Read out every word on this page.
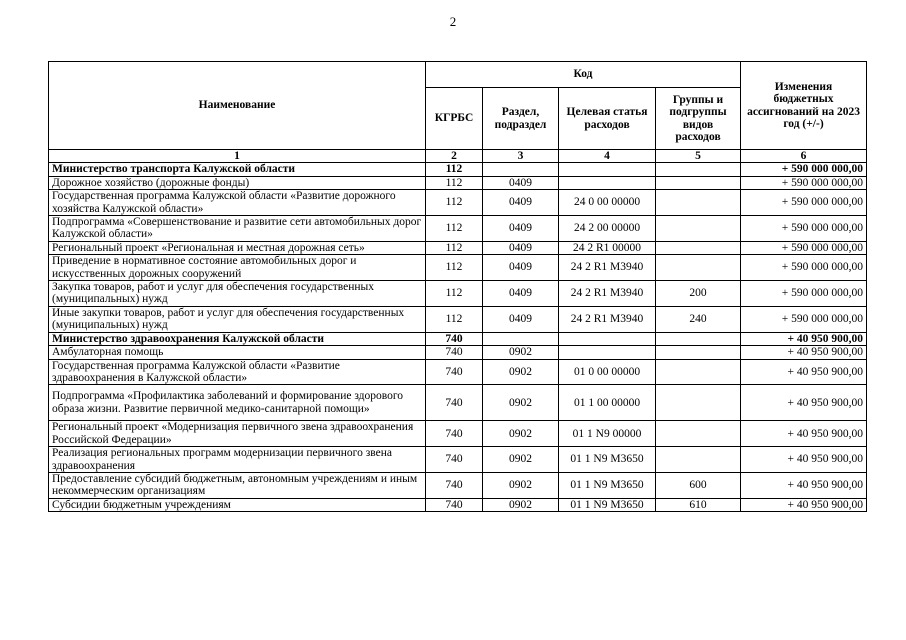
2
Наименование	Код				Изменения бюджетных ассигнований на 2023 год (+/-)
	КГРБС	Раздел, подраздел	Целевая статья расходов	Группы и подгруппы видов расходов	
1	2	3	4	5	6
Министерство транспорта Калужской области	112				+ 590 000 000,00
Дорожное хозяйство (дорожные фонды)	112	0409			+ 590 000 000,00
Государственная программа Калужской области «Развитие дорожного хозяйства Калужской области»	112	0409	24 0 00 00000		+ 590 000 000,00
Подпрограмма «Совершенствование и развитие сети автомобильных дорог Калужской области»	112	0409	24 2 00 00000		+ 590 000 000,00
Региональный проект «Региональная и местная дорожная сеть»	112	0409	24 2 R1 00000		+ 590 000 000,00
Приведение в нормативное состояние автомобильных дорог и искусственных дорожных сооружений	112	0409	24 2 R1 M3940		+ 590 000 000,00
Закупка товаров, работ и услуг для обеспечения государственных (муниципальных) нужд	112	0409	24 2 R1 M3940	200	+ 590 000 000,00
Иные закупки товаров, работ и услуг для обеспечения государственных (муниципальных) нужд	112	0409	24 2 R1 M3940	240	+ 590 000 000,00
Министерство здравоохранения Калужской области	740				+ 40 950 900,00
Амбулаторная помощь	740	0902			+ 40 950 900,00
Государственная программа Калужской области «Развитие здравоохранения в Калужской области»	740	0902	01 0 00 00000		+ 40 950 900,00
Подпрограмма «Профилактика заболеваний и формирование здорового образа жизни. Развитие первичной медико-санитарной помощи»	740	0902	01 1 00 00000		+ 40 950 900,00
Региональный проект «Модернизация первичного звена здравоохранения Российской Федерации»	740	0902	01 1 N9 00000		+ 40 950 900,00
Реализация региональных программ модернизации первичного звена здравоохранения	740	0902	01 1 N9 M3650		+ 40 950 900,00
Предоставление субсидий бюджетным, автономным учреждениям и иным некоммерческим организациям	740	0902	01 1 N9 M3650	600	+ 40 950 900,00
Субсидии бюджетным учреждениям	740	0902	01 1 N9 M3650	610	+ 40 950 900,00
